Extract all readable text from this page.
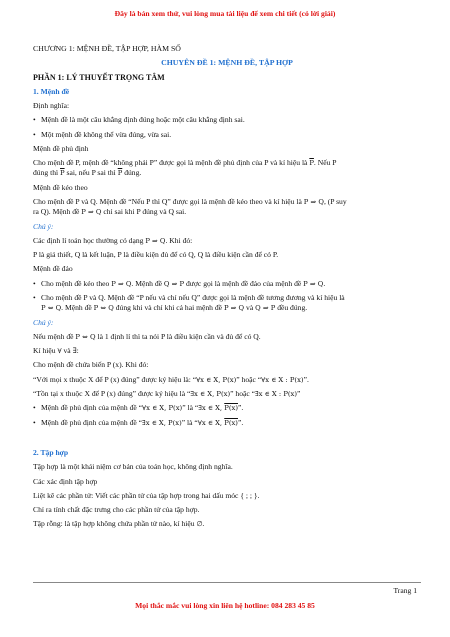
Đây là bản xem thử, vui lòng mua tài liệu để xem chi tiết (có lời giải)

CHƯƠNG 1: MỆNH ĐỀ, TẬP HỢP, HÀM SỐ

CHUYÊN ĐỀ 1: MỆNH ĐỀ, TẬP HỢP

PHẦN 1: LÝ THUYẾT TRỌNG TÂM

1. Mệnh đề

Định nghĩa:

• Mệnh đề là một câu khẳng định đúng hoặc một câu khẳng định sai.

• Một mệnh đề không thể vừa đúng, vừa sai.

Mệnh đề phủ định

Cho mệnh đề P, mệnh đề “không phải P” được gọi là mệnh đề phủ định của P và kí hiệu là $\overline{P}$. Nếu P
đúng thì $\overline{P}$ sai, nếu P sai thì $\overline{P}$ đúng.

Mệnh đề kéo theo

Cho mệnh đề P và Q. Mệnh đề “Nếu P thì Q” được gọi là mệnh đề kéo theo và kí hiệu là P ⇒ Q, (P suy
ra Q). Mệnh đề P ⇒ Q chỉ sai khi P đúng và Q sai.

Chú ý:

Các định lí toán học thường có dạng P ⇒ Q. Khi đó:

P là giả thiết, Q là kết luận, P là điều kiện đủ để có Q, Q là điều kiện cần để có P.

Mệnh đề đảo

• Cho mệnh đề kéo theo P ⇒ Q. Mệnh đề Q ⇒ P được gọi là mệnh đề đảo của mệnh đề P ⇒ Q.

• Cho mệnh đề P và Q. Mệnh đề “P nếu và chỉ nếu Q” được gọi là mệnh đề tương đương và kí hiệu là
P ⇔ Q. Mệnh đề P ⇔ Q đúng khi và chỉ khi cả hai mệnh đề P ⇒ Q và Q ⇒ P đều đúng.

Chú ý:

Nếu mệnh đề P ⇔ Q là 1 định lí thì ta nói P là điều kiện cần và đủ để có Q.

Kí hiệu ∀ và ∃:

Cho mệnh đề chứa biến P (x). Khi đó:

“Với mọi x thuộc X để P (x) đúng” được ký hiệu là: “∀x ∈ X, P(x)” hoặc “∀x ∈ X : P(x)”.

“Tồn tại x thuộc X để P (x) đúng” được ký hiệu là “∃x ∈ X, P(x)” hoặc “∃x ∈ X : P(x)”

• Mệnh đề phủ định của mệnh đề “∀x ∈ X, P(x)” là “∃x ∈ X, P(x)”.

• Mệnh đề phủ định của mệnh đề “∃x ∈ X, P(x)” là “∀x ∈ X, P(x)”.

2. Tập hợp

Tập hợp là một khái niệm cơ bản của toán học, không định nghĩa.

Các xác định tập hợp

Liệt kê các phần tử: Viết các phần tử của tập hợp trong hai dấu móc { ; ; }.

Chỉ ra tính chất đặc trưng cho các phần tử của tập hợp.

Tập rỗng: là tập hợp không chứa phần tử nào, kí hiệu ∅.

Trang 1
Mọi thắc mắc vui lòng xin liên hệ hotline: 084 283 45 85
